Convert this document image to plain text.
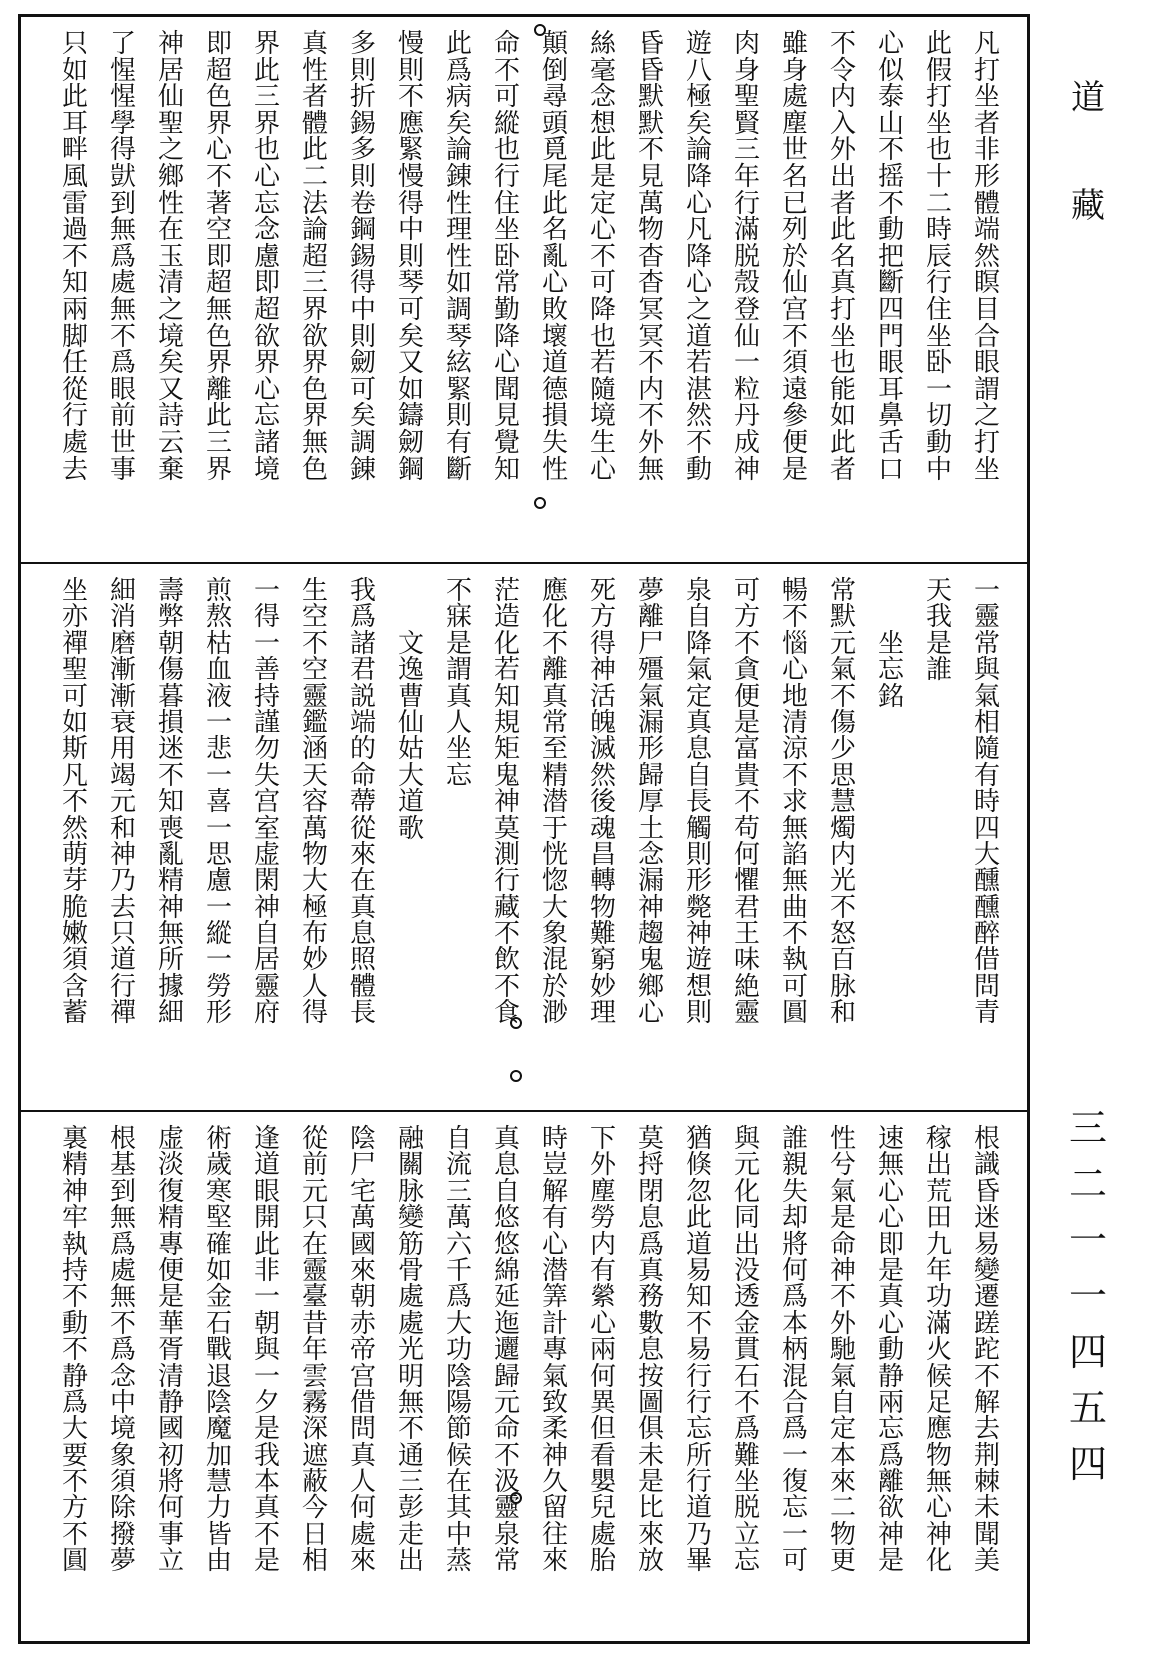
凡
打
坐
者
非
形
體
端
然
瞑
目
合
眼
謂
之
打
坐
此
假
打
坐
也
十
二
時
辰
行
住
坐
卧
一
切
動
中
心
似
泰
山
不
摇
不
動
把
斷
四
門
眼
耳
鼻
舌
口
不
令
内
入
外
出
者
此
名
真
打
坐
也
能
如
此
者
雖
身
處
塵
世
名
已
列
於
仙
宫
不
須
遠
參
便
是
肉
身
聖
賢
三
年
行
滿
脱
殼
登
仙
一
粒
丹
成
神
遊
八
極
矣
論
降
心
凡
降
心
之
道
若
湛
然
不
動
昏
昏
默
默
不
見
萬
物
杳
杳
冥
冥
不
内
不
外
無
絲
毫
念
想
此
是
定
心
不
可
降
也
若
隨
境
生
心
顛
倒
尋
頭
覓
尾
此
名
亂
心
敗
壞
道
德
損
失
性
命
不
可
縱
也
行
住
坐
卧
常
勤
降
心
聞
見
覺
知
此
爲
病
矣
論
錬
性
理
性
如
調
琴
絃
緊
則
有
斷
慢
則
不
應
緊
慢
得
中
則
琴
可
矣
又
如
鑄
劒
鋼
多
則
折
錫
多
則
卷
鋼
錫
得
中
則
劒
可
矣
調
錬
真
性
者
體
此
二
法
論
超
三
界
欲
界
色
界
無
色
界
此
三
界
也
心
忘
念
慮
即
超
欲
界
心
忘
諸
境
即
超
色
界
心
不
著
空
即
超
無
色
界
離
此
三
界
神
居
仙
聖
之
鄉
性
在
玉
清
之
境
矣
又
詩
云
棄
了
惺
惺
學
得
獃
到
無
爲
處
無
不
爲
眼
前
世
事
只
如
此
耳
畔
風
雷
過
不
知
兩
脚
任
從
行
處
去
一
靈
常
與
氣
相
隨
有
時
四
大
醺
醺
醉
借
問
青
天
我
是
誰

坐
忘
銘
常
默
元
氣
不
傷
少
思
慧
燭
内
光
不
怒
百
脉
和
暢
不
惱
心
地
清
涼
不
求
無
諂
無
曲
不
執
可
圓
可
方
不
貪
便
是
富
貴
不
苟
何
懼
君
王
味
絶
靈
泉
自
降
氣
定
真
息
自
長
觸
則
形
斃
神
遊
想
則
夢
離
尸
殭
氣
漏
形
歸
厚
土
念
漏
神
趨
鬼
鄉
心
死
方
得
神
活
魄
滅
然
後
魂
昌
轉
物
難
窮
妙
理
應
化
不
離
真
常
至
精
潜
于
恍
惚
大
象
混
於
渺
茫
造
化
若
知
規
矩
鬼
神
莫
測
行
藏
不
飲
不
食
不
寐
是
謂
真
人
坐
忘

文
逸
曹
仙
姑
大
道
歌
我
爲
諸
君
説
端
的
命
蔕
從
來
在
真
息
照
體
長
生
空
不
空
靈
鑑
涵
天
容
萬
物
大
極
布
妙
人
得
一
得
一
善
持
謹
勿
失
宫
室
虚
閑
神
自
居
靈
府
煎
熬
枯
血
液
一
悲
一
喜
一
思
慮
一
縱
一
勞
形
壽
弊
朝
傷
暮
損
迷
不
知
喪
亂
精
神
無
所
據
細
細
消
磨
漸
漸
衰
用
竭
元
和
神
乃
去
只
道
行
禪
坐
亦
禪
聖
可
如
斯
凡
不
然
萌
芽
脆
嫩
須
含
蓄
根
識
昏
迷
易
變
遷
蹉
跎
不
解
去
荆
棘
未
聞
美
稼
出
荒
田
九
年
功
滿
火
候
足
應
物
無
心
神
化
速
無
心
心
即
是
真
心
動
静
兩
忘
爲
離
欲
神
是
性
兮
氣
是
命
神
不
外
馳
氣
自
定
本
來
二
物
更
誰
親
失
却
將
何
爲
本
柄
混
合
爲
一
復
忘
一
可
與
元
化
同
出
没
透
金
貫
石
不
爲
難
坐
脱
立
忘
猶
倏
忽
此
道
易
知
不
易
行
行
忘
所
行
道
乃
畢
莫
捋
閉
息
爲
真
務
數
息
按
圖
俱
未
是
比
來
放
下
外
塵
勞
内
有
縈
心
兩
何
異
但
看
嬰
兒
處
胎
時
豈
解
有
心
潜
筭
計
專
氣
致
柔
神
久
留
往
來
真
息
自
悠
悠
綿
延
迤
邐
歸
元
命
不
汲
靈
泉
常
自
流
三
萬
六
千
爲
大
功
陰
陽
節
候
在
其
中
蒸
融
關
脉
變
筋
骨
處
處
光
明
無
不
通
三
彭
走
出
陰
尸
宅
萬
國
來
朝
赤
帝
宫
借
問
真
人
何
處
來
從
前
元
只
在
靈
臺
昔
年
雲
霧
深
遮
蔽
今
日
相
逢
道
眼
開
此
非
一
朝
與
一
夕
是
我
本
真
不
是
術
歲
寒
堅
確
如
金
石
戰
退
陰
魔
加
慧
力
皆
由
虚
淡
復
精
專
便
是
華
胥
清
静
國
初
將
何
事
立
根
基
到
無
爲
處
無
不
爲
念
中
境
象
須
除
撥
夢
裏
精
神
牢
執
持
不
動
不
静
爲
大
要
不
方
不
圓
道
藏
三
二
一
一
四
五
四
